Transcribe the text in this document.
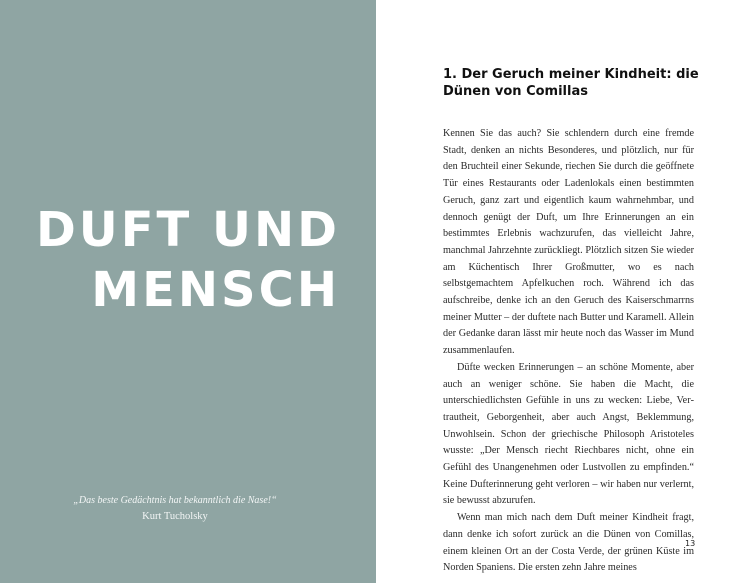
DUFT UND
MENSCH
„Das beste Gedächtnis hat bekanntlich die Nase!“
Kurt Tucholsky
1. Der Geruch meiner Kindheit: die Dünen von Comillas

Kennen Sie das auch? Sie schlendern durch eine fremde Stadt, denken an nichts Besonderes, und plötzlich, nur für den Bruchteil einer Sekunde, riechen Sie durch die geöffnete Tür eines Restaurants oder Ladenlokals einen bestimmten Geruch, ganz zart und eigentlich kaum wahrnehmbar, und dennoch genügt der Duft, um Ihre Erinnerungen an ein bestimmtes Erlebnis wachzurufen, das vielleicht Jahre, manchmal Jahrzehnte zurückliegt. Plötzlich sitzen Sie wieder am Küchentisch Ihrer Großmutter, wo es nach selbstgemachtem Apfelkuchen roch. Während ich das aufschreibe, denke ich an den Geruch des Kaiserschmarrns meiner Mutter – der duftete nach Butter und Karamell. Allein der Gedanke daran lässt mir heute noch das Wasser im Mund zusammenlaufen.

Düfte wecken Erinnerungen – an schöne Momente, aber auch an weniger schöne. Sie haben die Macht, die unterschiedlichsten Gefühle in uns zu wecken: Liebe, Vertrautheit, Geborgenheit, aber auch Angst, Beklemmung, Unwohlsein. Schon der griechische Philosoph Aristoteles wusste: „Der Mensch riecht Riechbares nicht, ohne ein Gefühl des Unangenehmen oder Lustvollen zu empfinden.“ Keine Dufterinnerung geht verloren – wir haben nur verlernt, sie bewusst abzurufen.

Wenn man mich nach dem Duft meiner Kindheit fragt, dann denke ich sofort zurück an die Dünen von Comillas, einem kleinen Ort an der Costa Verde, der grünen Küste im Norden Spaniens. Die ersten zehn Jahre meines

13
